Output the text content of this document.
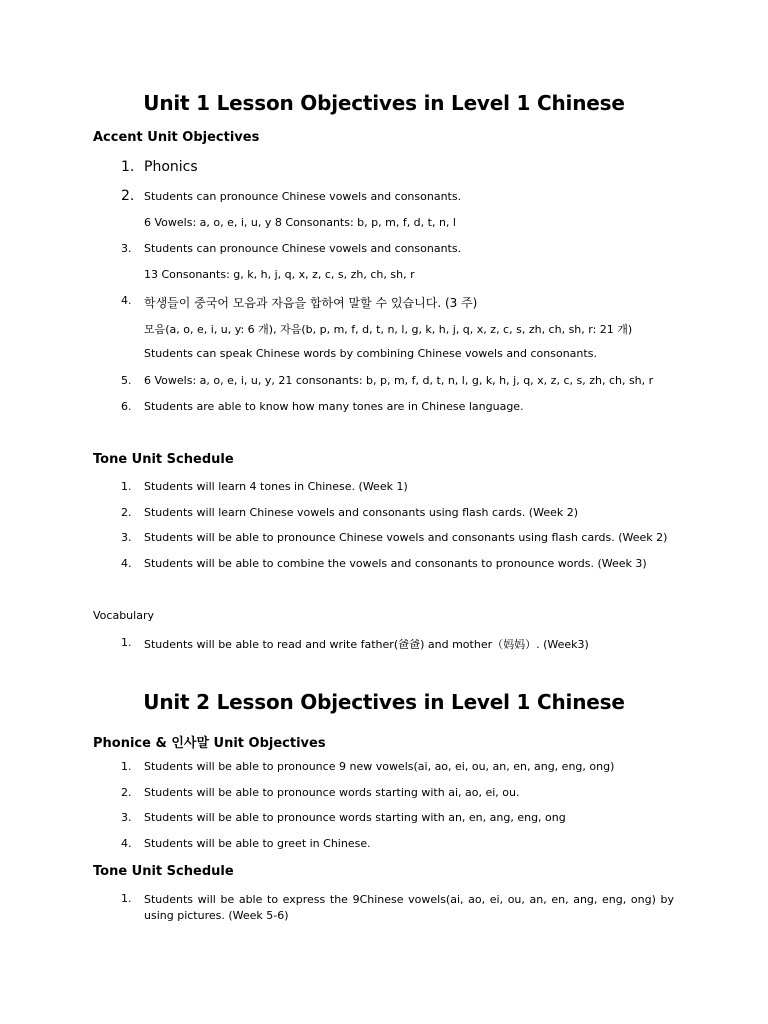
Unit 1 Lesson Objectives in Level 1 Chinese
Accent Unit Objectives
1. Phonics
2. Students can pronounce Chinese vowels and consonants.
6 Vowels: a, o, e, i, u, y 8 Consonants: b, p, m, f, d, t, n, l
3. Students can pronounce Chinese vowels and consonants.
13 Consonants: g, k, h, j, q, x, z, c, s, zh, ch, sh, r
4. 학생들이 중국어 모음과 자음을 합하여 말할 수 있습니다. (3 주)
모음(a, o, e, i, u, y: 6 개), 자음(b, p, m, f, d, t, n, l, g, k, h, j, q, x, z, c, s, zh, ch, sh, r: 21 개)
Students can speak Chinese words by combining Chinese vowels and consonants.
5. 6 Vowels: a, o, e, i, u, y, 21 consonants: b, p, m, f, d, t, n, l, g, k, h, j, q, x, z, c, s, zh, ch, sh, r
6. Students are able to know how many tones are in Chinese language.
Tone Unit Schedule
1. Students will learn 4 tones in Chinese. (Week 1)
2. Students will learn Chinese vowels and consonants using flash cards. (Week 2)
3. Students will be able to pronounce Chinese vowels and consonants using flash cards. (Week 2)
4. Students will be able to combine the vowels and consonants to pronounce words. (Week 3)
Vocabulary
1. Students will be able to read and write father(爸爸) and mother（妈妈）. (Week3)
Unit 2 Lesson Objectives in Level 1 Chinese
Phonice & 인사말 Unit Objectives
1. Students will be able to pronounce 9 new vowels(ai, ao, ei, ou, an, en, ang, eng, ong)
2. Students will be able to pronounce words starting with ai, ao, ei, ou.
3. Students will be able to pronounce words starting with an, en, ang, eng, ong
4. Students will be able to greet in Chinese.
Tone Unit Schedule
1. Students will be able to express the 9Chinese vowels(ai, ao, ei, ou, an, en, ang, eng, ong) by using pictures. (Week 5-6)
